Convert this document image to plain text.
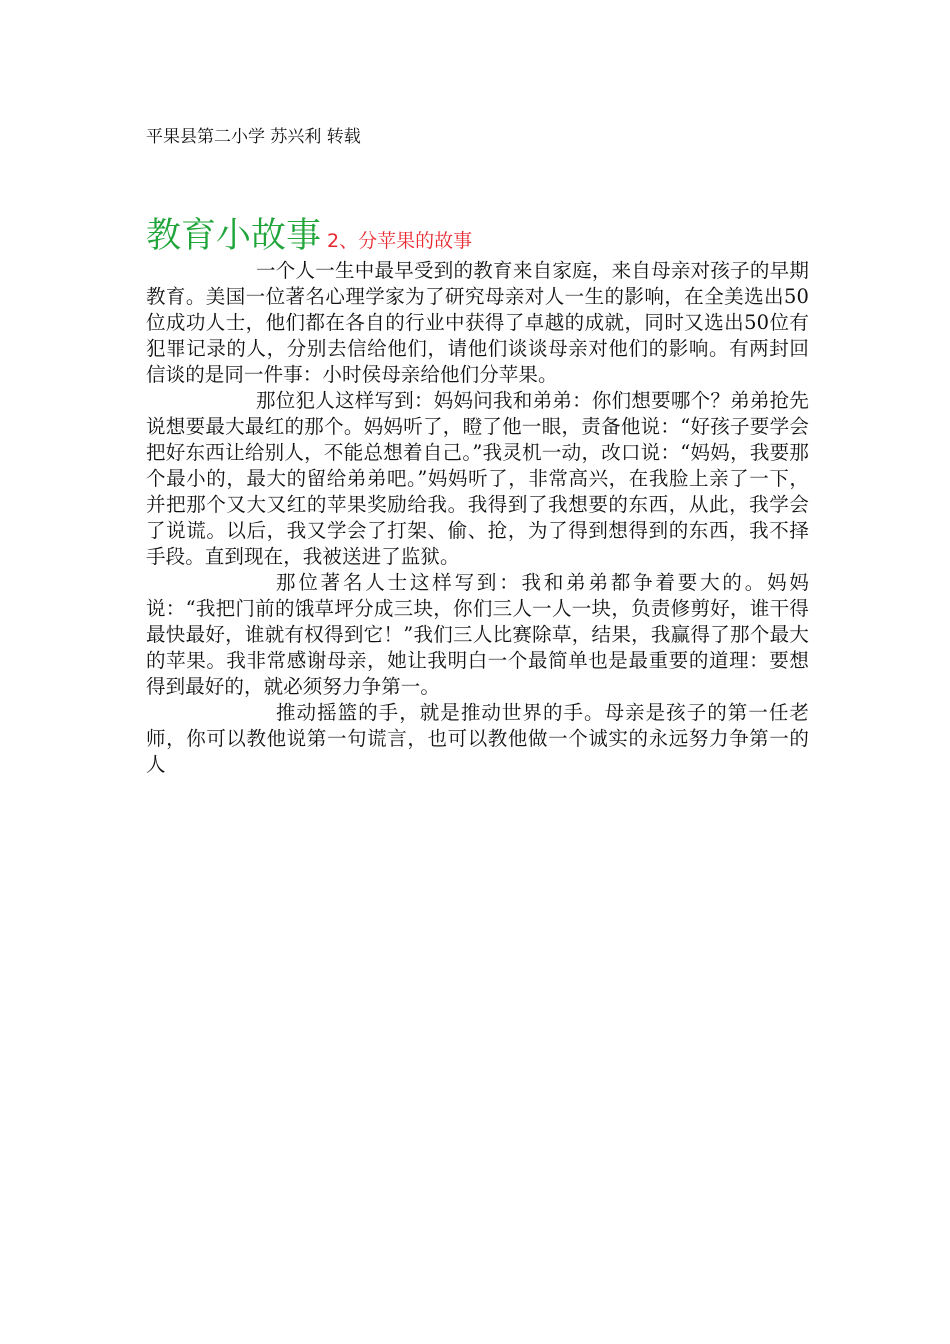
平果县第二小学 苏兴利 转载
教育小故事 2、分苹果的故事

一个人一生中最早受到的教育来自家庭，来自母亲对孩子的早期教育。美国一位著名心理学家为了研究母亲对人一生的影响，在全美选出50位成功人士，他们都在各自的行业中获得了卓越的成就，同时又选出50位有犯罪记录的人，分别去信给他们，请他们谈谈母亲对他们的影响。有两封回信谈的是同一件事：小时侯母亲给他们分苹果。

那位犯人这样写到：妈妈问我和弟弟：你们想要哪个？弟弟抢先说想要最大最红的那个。妈妈听了，瞪了他一眼，责备他说：“好孩子要学会把好东西让给别人，不能总想着自己。”我灵机一动，改口说：“妈妈，我要那个最小的，最大的留给弟弟吧。”妈妈听了，非常高兴，在我脸上亲了一下，并把那个又大又红的苹果奖励给我。我得到了我想要的东西，从此，我学会了说谎。以后，我又学会了打架、偷、抢，为了得到想得到的东西，我不择手段。直到现在，我被送进了监狱。

那位著名人士这样写到：我和弟弟都争着要大的。妈妈说：“我把门前的饿草坪分成三块，你们三人一人一块，负责修剪好，谁干得最快最好，谁就有权得到它！”我们三人比赛除草，结果，我赢得了那个最大的苹果。我非常感谢母亲，她让我明白一个最简单也是最重要的道理：要想得到最好的，就必须努力争第一。

推动摇篮的手，就是推动世界的手。母亲是孩子的第一任老师，你可以教他说第一句谎言，也可以教他做一个诚实的永远努力争第一的人
